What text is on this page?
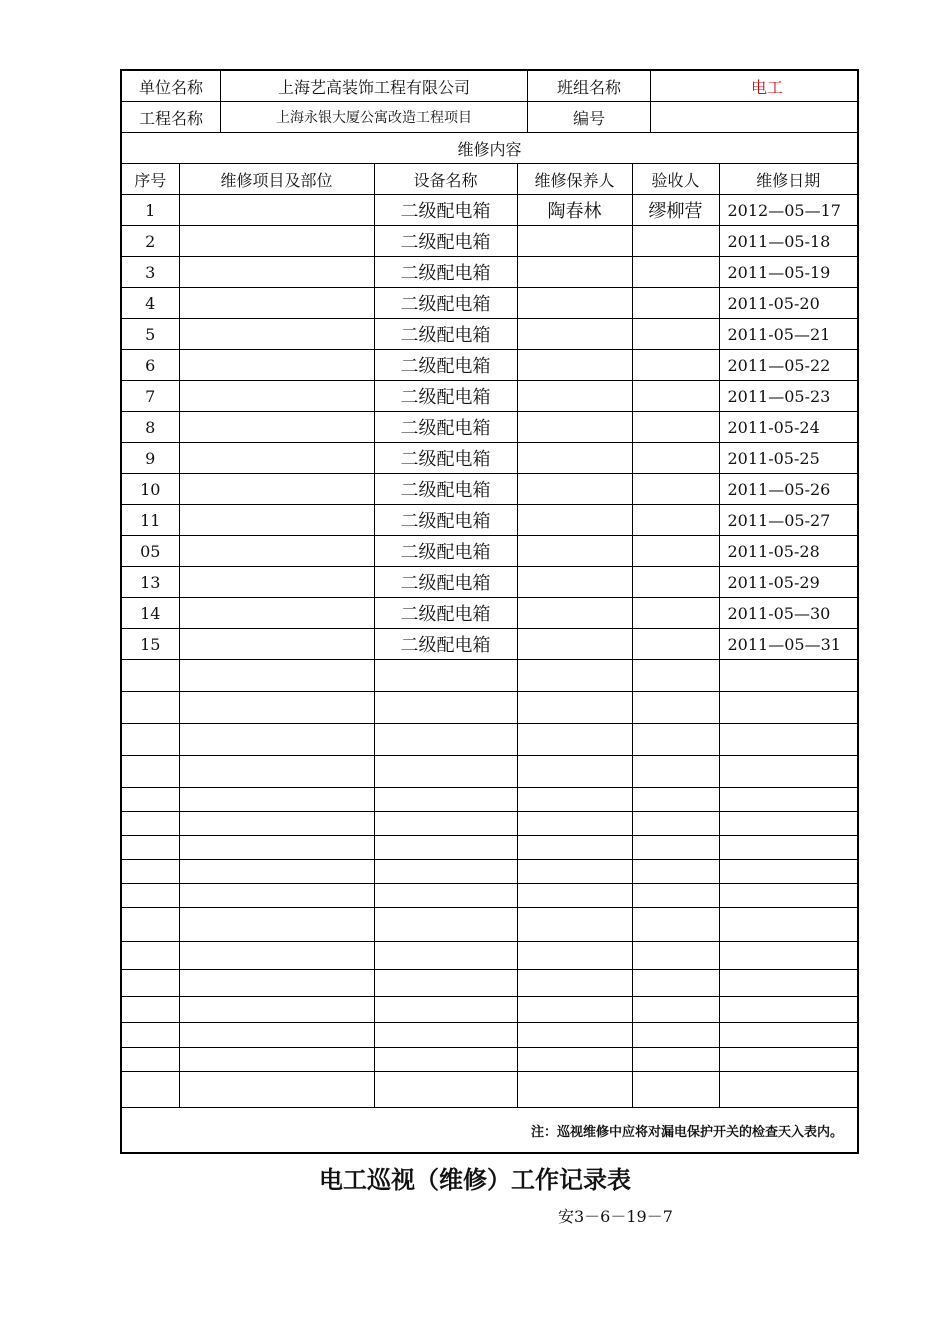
单位名称	上海艺高装饰工程有限公司	班组名称	电工

工程名称	上海永银大厦公寓改造工程项目	编号	

维修内容
序号	维修项目及部位	设备名称	维修保养人	验收人	维修日期
1		二级配电箱	陶春林	缪柳营	2012—05—17
2		二级配电箱			2011—05-18
3		二级配电箱			2011—05-19
4		二级配电箱			2011-05-20
5		二级配电箱			2011-05—21
6		二级配电箱			2011—05-22
7		二级配电箱			2011—05-23
8		二级配电箱			2011-05-24
9		二级配电箱			2011-05-25
10		二级配电箱			2011—05-26
11		二级配电箱			2011—05-27
05		二级配电箱			2011-05-28
13		二级配电箱			2011-05-29
14		二级配电箱			2011-05—30
15		二级配电箱			2011—05—31

注：巡视维修中应将对漏电保护开关的检查天入表内。
电工巡视（维修）工作记录表
安3－6－19－7
